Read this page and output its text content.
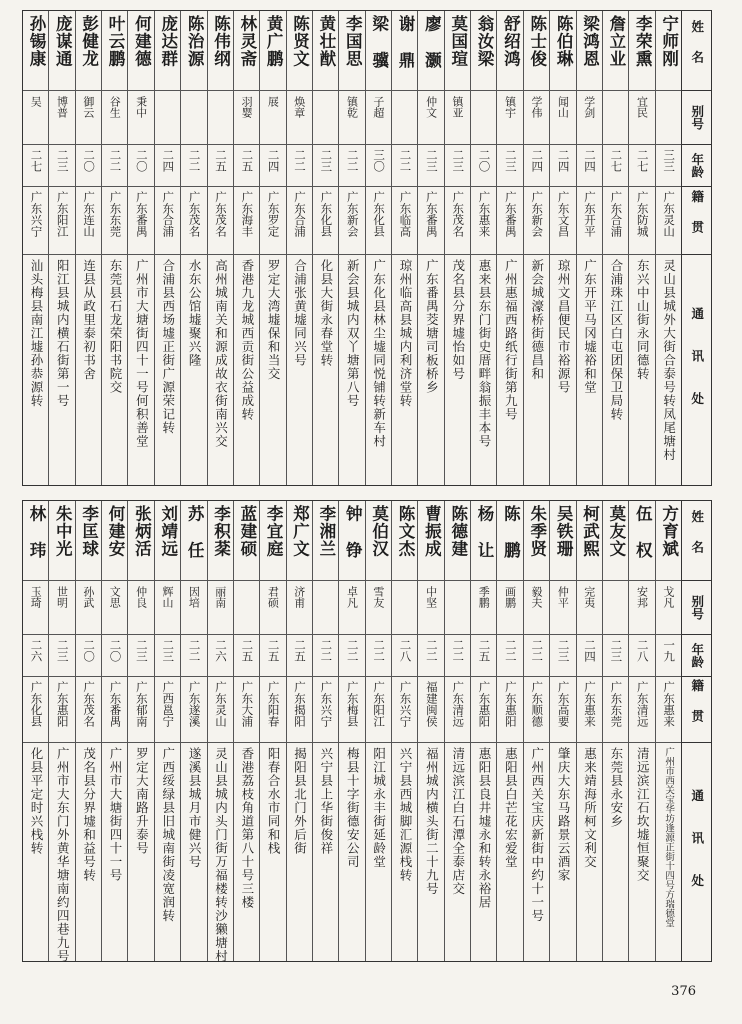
姓名
别号
年龄
籍贯
通讯处
宁师刚
三三
广东灵山
灵山县城外大街合泰号转凤尾塘村
李荣熏
宜民
二七
广东防城
东兴中山街永同德转
詹立业
二七
广东合浦
合浦珠江区白屯团保卫局转
梁鸿恩
学剑
二四
广东开平
广东开平马冈墟裕和堂
陈伯琳
闻山
二四
广东文昌
琼州文昌便民市裕源号
陈士俊
学伟
二四
广东新会
新会城濠桥街德昌和
舒绍鸿
镇宇
二三
广东番禺
广州惠福西路纸行街第九号
翁汝梁
二〇
广东惠来
惠来县东门街史厝畔翁振丰本号
莫国瑄
镇亚
二三
广东茂名
茂名县分界墟怡如号
廖灏
仲文
二三
广东番禺
广东番禺茭塘司板桥乡
谢鼎
二二
广东临高
琼州临高县城内利济堂转
梁骥
子超
三〇
广东化县
广东化县林尘墟同悦铺转新车村
李国思
镇乾
二二
广东新会
新会县城内双丫塘第八号
黄壮猷
二三
广东化县
化县大街永春堂转
陈贤文
焕章
二二
广东合浦
合浦张黄墟同兴号
黄广鹏
展
二四
广东罗定
罗定大湾墟保和当交
林灵斋
羽婴
二五
广东海丰
香港九龙城西贡街公益成转
陈伟纲
二五
广东茂名
高州城南关和源成故衣街南兴交
陈治源
二二
广东茂名
水东公馆墟聚兴隆
庞达群
二四
广东合浦
合浦县西场墟正街广源荣记转
何建德
秉中
二〇
广东番禺
广州市大塘街四十一号何积善堂
叶云鹏
谷生
二二
广东东莞
东莞县石龙荣阳书院交
彭健龙
御云
二〇
广东连山
连县从政里泰初书舍
庞谋通
博普
二三
广东阳江
阳江县城内横石街第一号
孙锡康
吴
二七
广东兴宁
汕头梅县南江墟孙恭源转
姓名
别号
年龄
籍贯
通讯处
方育斌
戈凡
一九
广东惠来
广州市西关宝华坊逢源正街十四号方瑞德堂
伍权
安邦
二八
广东清远
清远滨江石坎墟恒聚交
莫友文
二三
广东东莞
东莞县永安乡
柯武熙
完夷
二四
广东惠来
惠来靖海所柯文利交
吴铁珊
仲平
二三
广东高要
肇庆大东马路景云酒家
朱季贤
毅夫
二二
广东顺德
广州西关宝庆新街中约十一号
陈鹏
画鹏
二二
广东惠阳
惠阳县白芒花宏爱堂
杨让
季鹏
二五
广东惠阳
惠阳县良井墟永和转永裕居
陈德建
二二
广东清远
清远滨江白石潭全泰店交
曹振成
中坚
二二
福建闽侯
福州城内横头街二十九号
陈文杰
二八
广东兴宁
兴宁县西城脚汇源栈转
莫伯汉
雪友
二二
广东阳江
阳江城永丰街延龄堂
钟铮
卓凡
二二
广东梅县
梅县十字街德安公司
李湘兰
二二
广东兴宁
兴宁县上华街俊祥
郑广文
济甫
二五
广东揭阳
揭阳县北门外后街
李宜庭
君硕
二五
广东阳春
阳春合水市同和栈
蓝建硕
二五
广东大浦
香港荔枝角道第八十号三楼
李积棻
丽南
二六
广东灵山
灵山县城内头门街万福楼转沙獭塘村
苏任
因培
二二
广东遂溪
遂溪县城月市健兴号
刘靖远
辉山
二三
广西邕宁
广西绥绿县旧城南街凌宽润转
张炳活
仲良
二三
广东郁南
罗定大南路升泰号
何建安
文思
二〇
广东番禺
广州市大塘街四十一号
李匡球
孙武
二〇
广东茂名
茂名县分界墟和益号转
朱中光
世明
二三
广东惠阳
广州市大东门外黄华塘南约四巷九号
林玮
玉琦
二六
广东化县
化县平定时兴栈转
376
